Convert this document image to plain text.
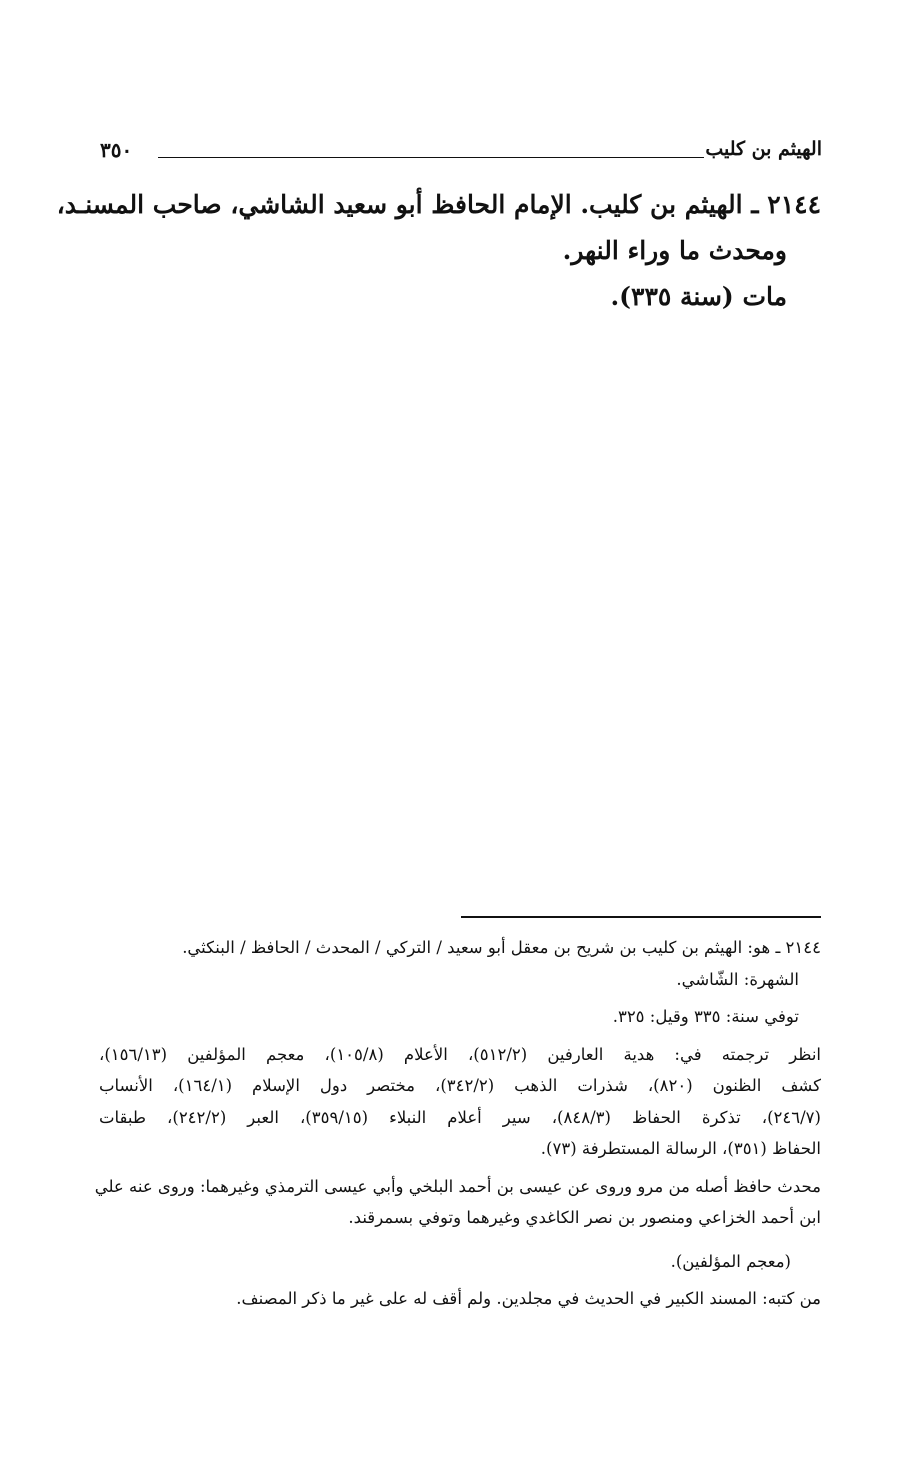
الهيثم بن كليب
٣٥٠

٢١٤٤ ـ الهيثم بن كليب. الإمام الحافظ أبو سعيد الشاشي، صاحب المسنـد،

ومحدث ما وراء النهر.

مات (سنة ٣٣٥).

٢١٤٤ ـ هو: الهيثم بن كليب بن شريح بن معقل أبو سعيد / التركي / المحدث / الحافظ / البنكثي.

الشهرة: الشّاشي.

توفي سنة: ٣٣٥ وقيل: ٣٢٥.

انظر ترجمته في: هدية العارفين (٥١٢/٢)، الأعلام (١٠٥/٨)، معجم المؤلفين (١٥٦/١٣)،

كشف الظنون (٨٢٠)، شذرات الذهب (٣٤٢/٢)، مختصر دول الإسلام (١٦٤/١)، الأنساب

(٢٤٦/٧)، تذكرة الحفاظ (٨٤٨/٣)، سير أعلام النبلاء (٣٥٩/١٥)، العبر (٢٤٢/٢)، طبقات

الحفاظ (٣٥١)، الرسالة المستطرفة (٧٣).

محدث حافظ أصله من مرو وروى عن عيسى بن أحمد البلخي وأبي عيسى الترمذي وغيرهما: وروى عنه علي

ابن أحمد الخزاعي ومنصور بن نصر الكاغدي وغيرهما وتوفي بسمرقند.

(معجم المؤلفين).

من كتبه: المسند الكبير في الحديث في مجلدين. ولم أقف له على غير ما ذكر المصنف.
